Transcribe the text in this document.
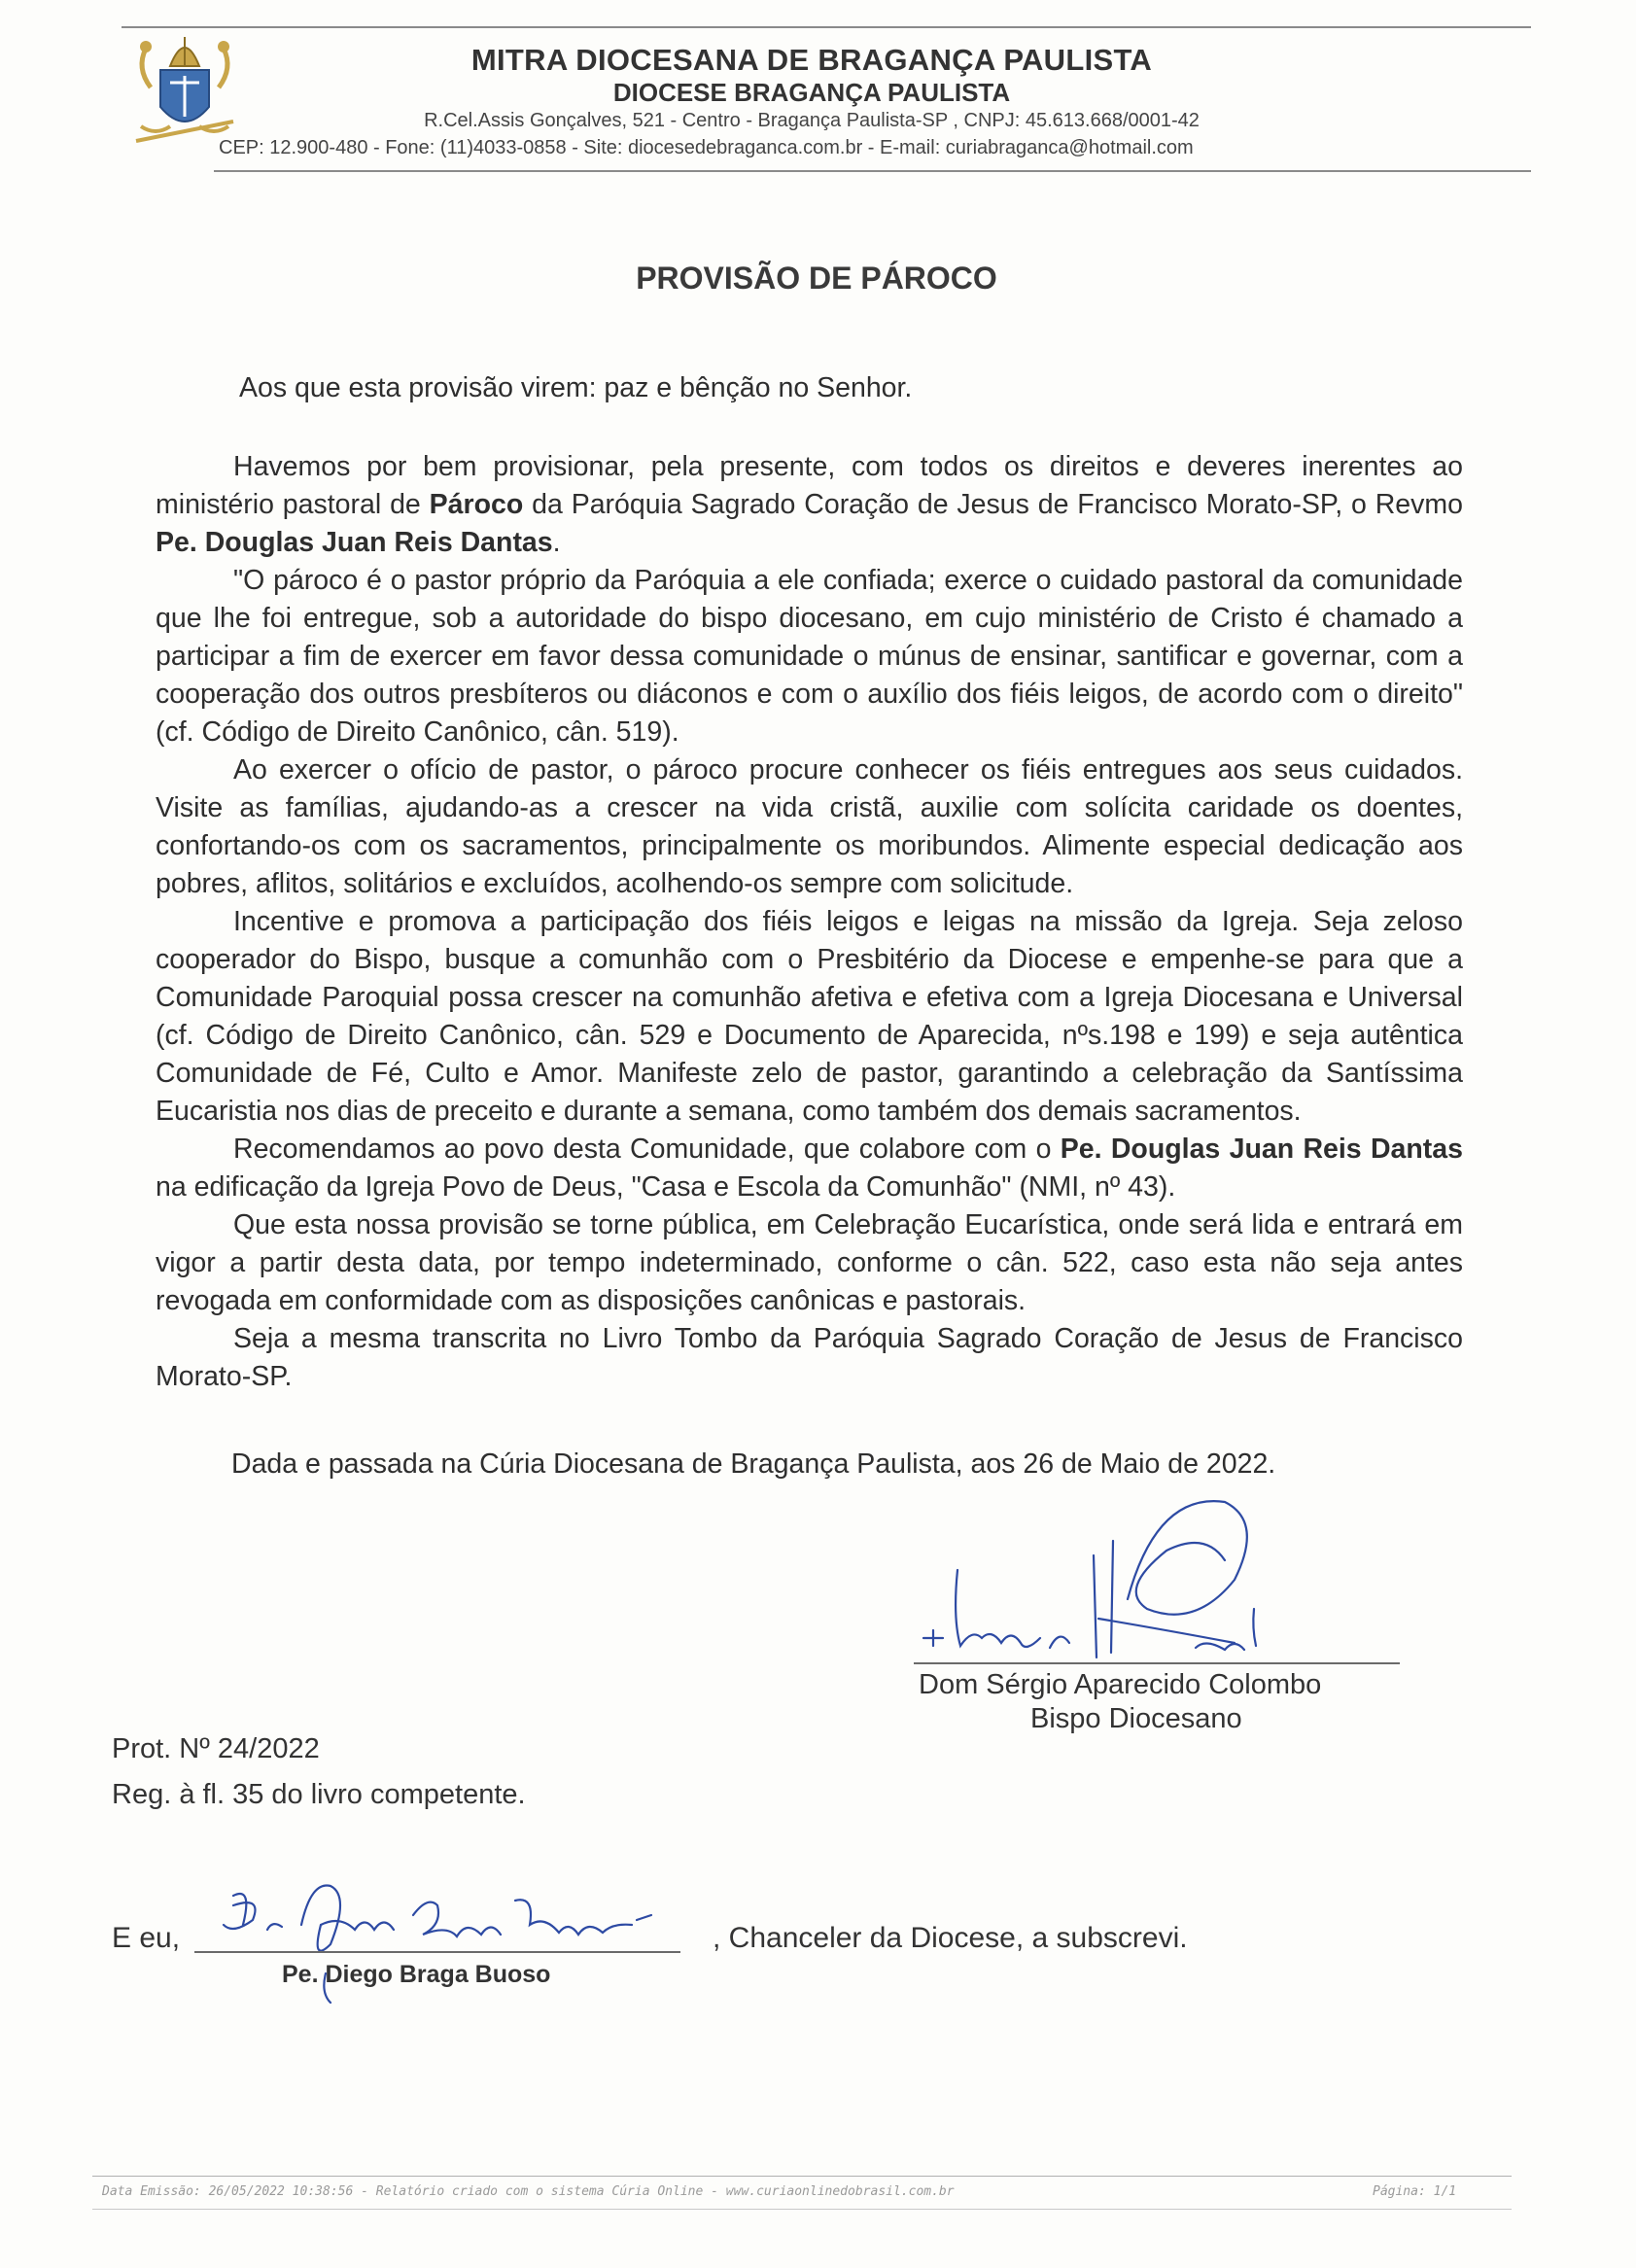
MITRA DIOCESANA DE BRAGANÇA PAULISTA
DIOCESE BRAGANÇA PAULISTA
R.Cel.Assis Gonçalves, 521 - Centro - Bragança Paulista-SP , CNPJ: 45.613.668/0001-42
CEP: 12.900-480 - Fone: (11)4033-0858 - Site: diocesedebraganca.com.br - E-mail: curiabraganca@hotmail.com
PROVISÃO DE PÁROCO

Aos que esta provisão virem: paz e bênção no Senhor.

Havemos por bem provisionar, pela presente, com todos os direitos e deveres inerentes ao ministério pastoral de Pároco da Paróquia Sagrado Coração de Jesus de Francisco Morato-SP, o Revmo Pe. Douglas Juan Reis Dantas.

"O pároco é o pastor próprio da Paróquia a ele confiada; exerce o cuidado pastoral da comunidade que lhe foi entregue, sob a autoridade do bispo diocesano, em cujo ministério de Cristo é chamado a participar a fim de exercer em favor dessa comunidade o múnus de ensinar, santificar e governar, com a cooperação dos outros presbíteros ou diáconos e com o auxílio dos fiéis leigos, de acordo com o direito" (cf. Código de Direito Canônico, cân. 519).

Ao exercer o ofício de pastor, o pároco procure conhecer os fiéis entregues aos seus cuidados. Visite as famílias, ajudando-as a crescer na vida cristã, auxilie com solícita caridade os doentes, confortando-os com os sacramentos, principalmente os moribundos. Alimente especial dedicação aos pobres, aflitos, solitários e excluídos, acolhendo-os sempre com solicitude.

Incentive e promova a participação dos fiéis leigos e leigas na missão da Igreja. Seja zeloso cooperador do Bispo, busque a comunhão com o Presbitério da Diocese e empenhe-se para que a Comunidade Paroquial possa crescer na comunhão afetiva e efetiva com a Igreja Diocesana e Universal (cf. Código de Direito Canônico, cân. 529 e Documento de Aparecida, nºs.198 e 199) e seja autêntica Comunidade de Fé, Culto e Amor. Manifeste zelo de pastor, garantindo a celebração da Santíssima Eucaristia nos dias de preceito e durante a semana, como também dos demais sacramentos.

Recomendamos ao povo desta Comunidade, que colabore com o Pe. Douglas Juan Reis Dantas na edificação da Igreja Povo de Deus, "Casa e Escola da Comunhão" (NMI, nº 43).

Que esta nossa provisão se torne pública, em Celebração Eucarística, onde será lida e entrará em vigor a partir desta data, por tempo indeterminado, conforme o cân. 522, caso esta não seja antes revogada em conformidade com as disposições canônicas e pastorais.

Seja a mesma transcrita no Livro Tombo da Paróquia Sagrado Coração de Jesus de Francisco Morato-SP.

Dada e passada na Cúria Diocesana de Bragança Paulista, aos 26 de Maio de 2022.
Dom Sérgio Aparecido Colombo
Bispo Diocesano
Prot. Nº 24/2022
Reg. à fl. 35 do livro competente.
E eu,
Pe. Diego Braga Buoso
, Chanceler da Diocese, a subscrevi.
Data Emissão: 26/05/2022 10:38:56 - Relatório criado com o sistema Cúria Online - www.curiaonlinedobrasil.com.br	Página: 1/1
